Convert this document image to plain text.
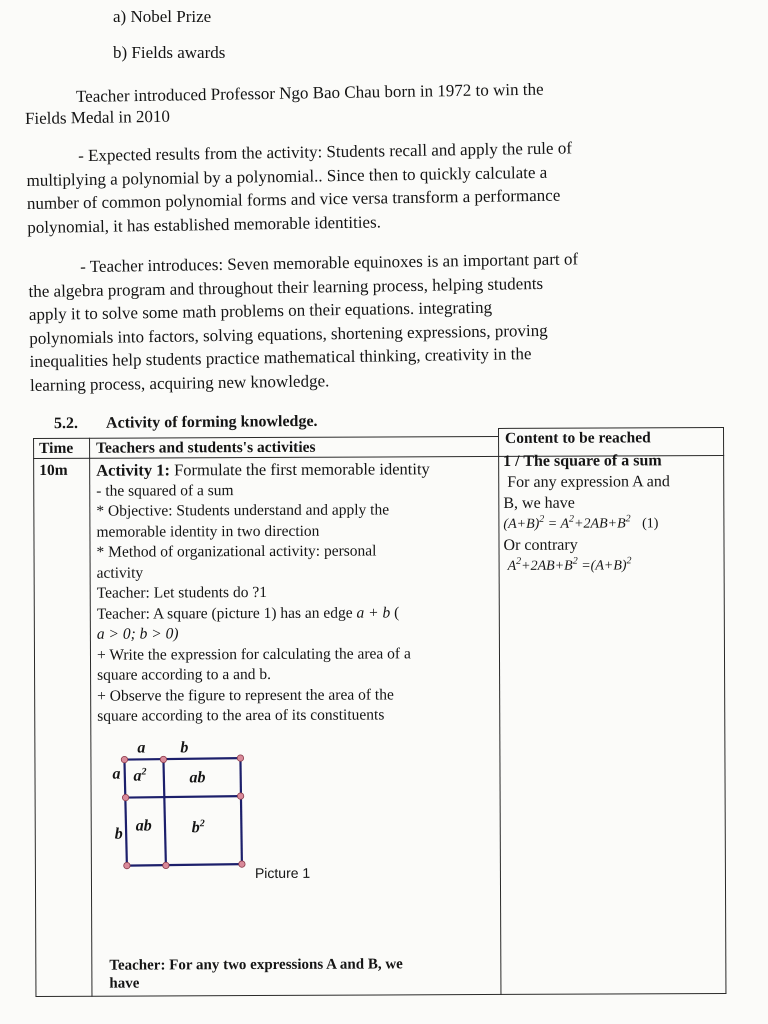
a) Nobel Prize
b) Fields awards
Teacher introduced Professor Ngo Bao Chau born in 1972 to win the
Fields Medal in 2010

- Expected results from the activity: Students recall and apply the rule of

multiplying a polynomial by a polynomial.. Since then to quickly calculate a

number of common polynomial forms and vice versa transform a performance

polynomial, it has established memorable identities.

- Teacher introduces: Seven memorable equinoxes is an important part of

the algebra program and throughout their learning process, helping students

apply it to solve some math problems on their equations. integrating

polynomials into factors, solving equations, shortening expressions, proving

inequalities help students practice mathematical thinking, creativity in the

learning process, acquiring new knowledge.

5.2. Activity of forming knowledge.
Time Teachers and students's activities
Content to be reached
10m Activity 1: Formulate the first memorable identity

- the squared of a sum

* Objective: Students understand and apply the

memorable identity in two direction

* Method of organizational activity: personal

activity

Teacher: Let students do ?1

Teacher: A square (picture 1) has an edge a + b (

a > 0; b > 0)

+ Write the expression for calculating the area of a

square according to a and b.

+ Observe the figure to represent the area of the

square according to the area of its constituents

a b
a
b
$a^2$	ab
ab $b^2$
Picture 1

Teacher: For any two expressions A and B, we

have

1 / The square of a sum

For any expression A and

B, we have

$(A+B)^2 = A^2+2AB+B^2$ (1)

Or contrary

$A^2+2AB+B^2 =(A+B)^2$
